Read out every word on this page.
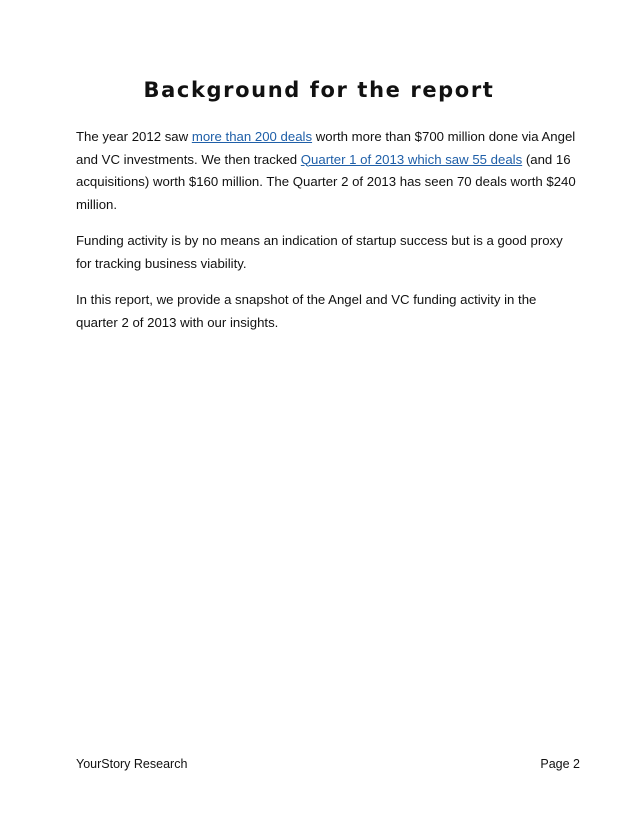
Background for the report

The year 2012 saw more than 200 deals worth more than $700 million done via Angel and VC investments. We then tracked Quarter 1 of 2013 which saw 55 deals (and 16 acquisitions) worth $160 million. The Quarter 2 of 2013 has seen 70 deals worth $240 million.

Funding activity is by no means an indication of startup success but is a good proxy for tracking business viability.

In this report, we provide a snapshot of the Angel and VC funding activity in the quarter 2 of 2013 with our insights.

YourStory Research	Page 2
